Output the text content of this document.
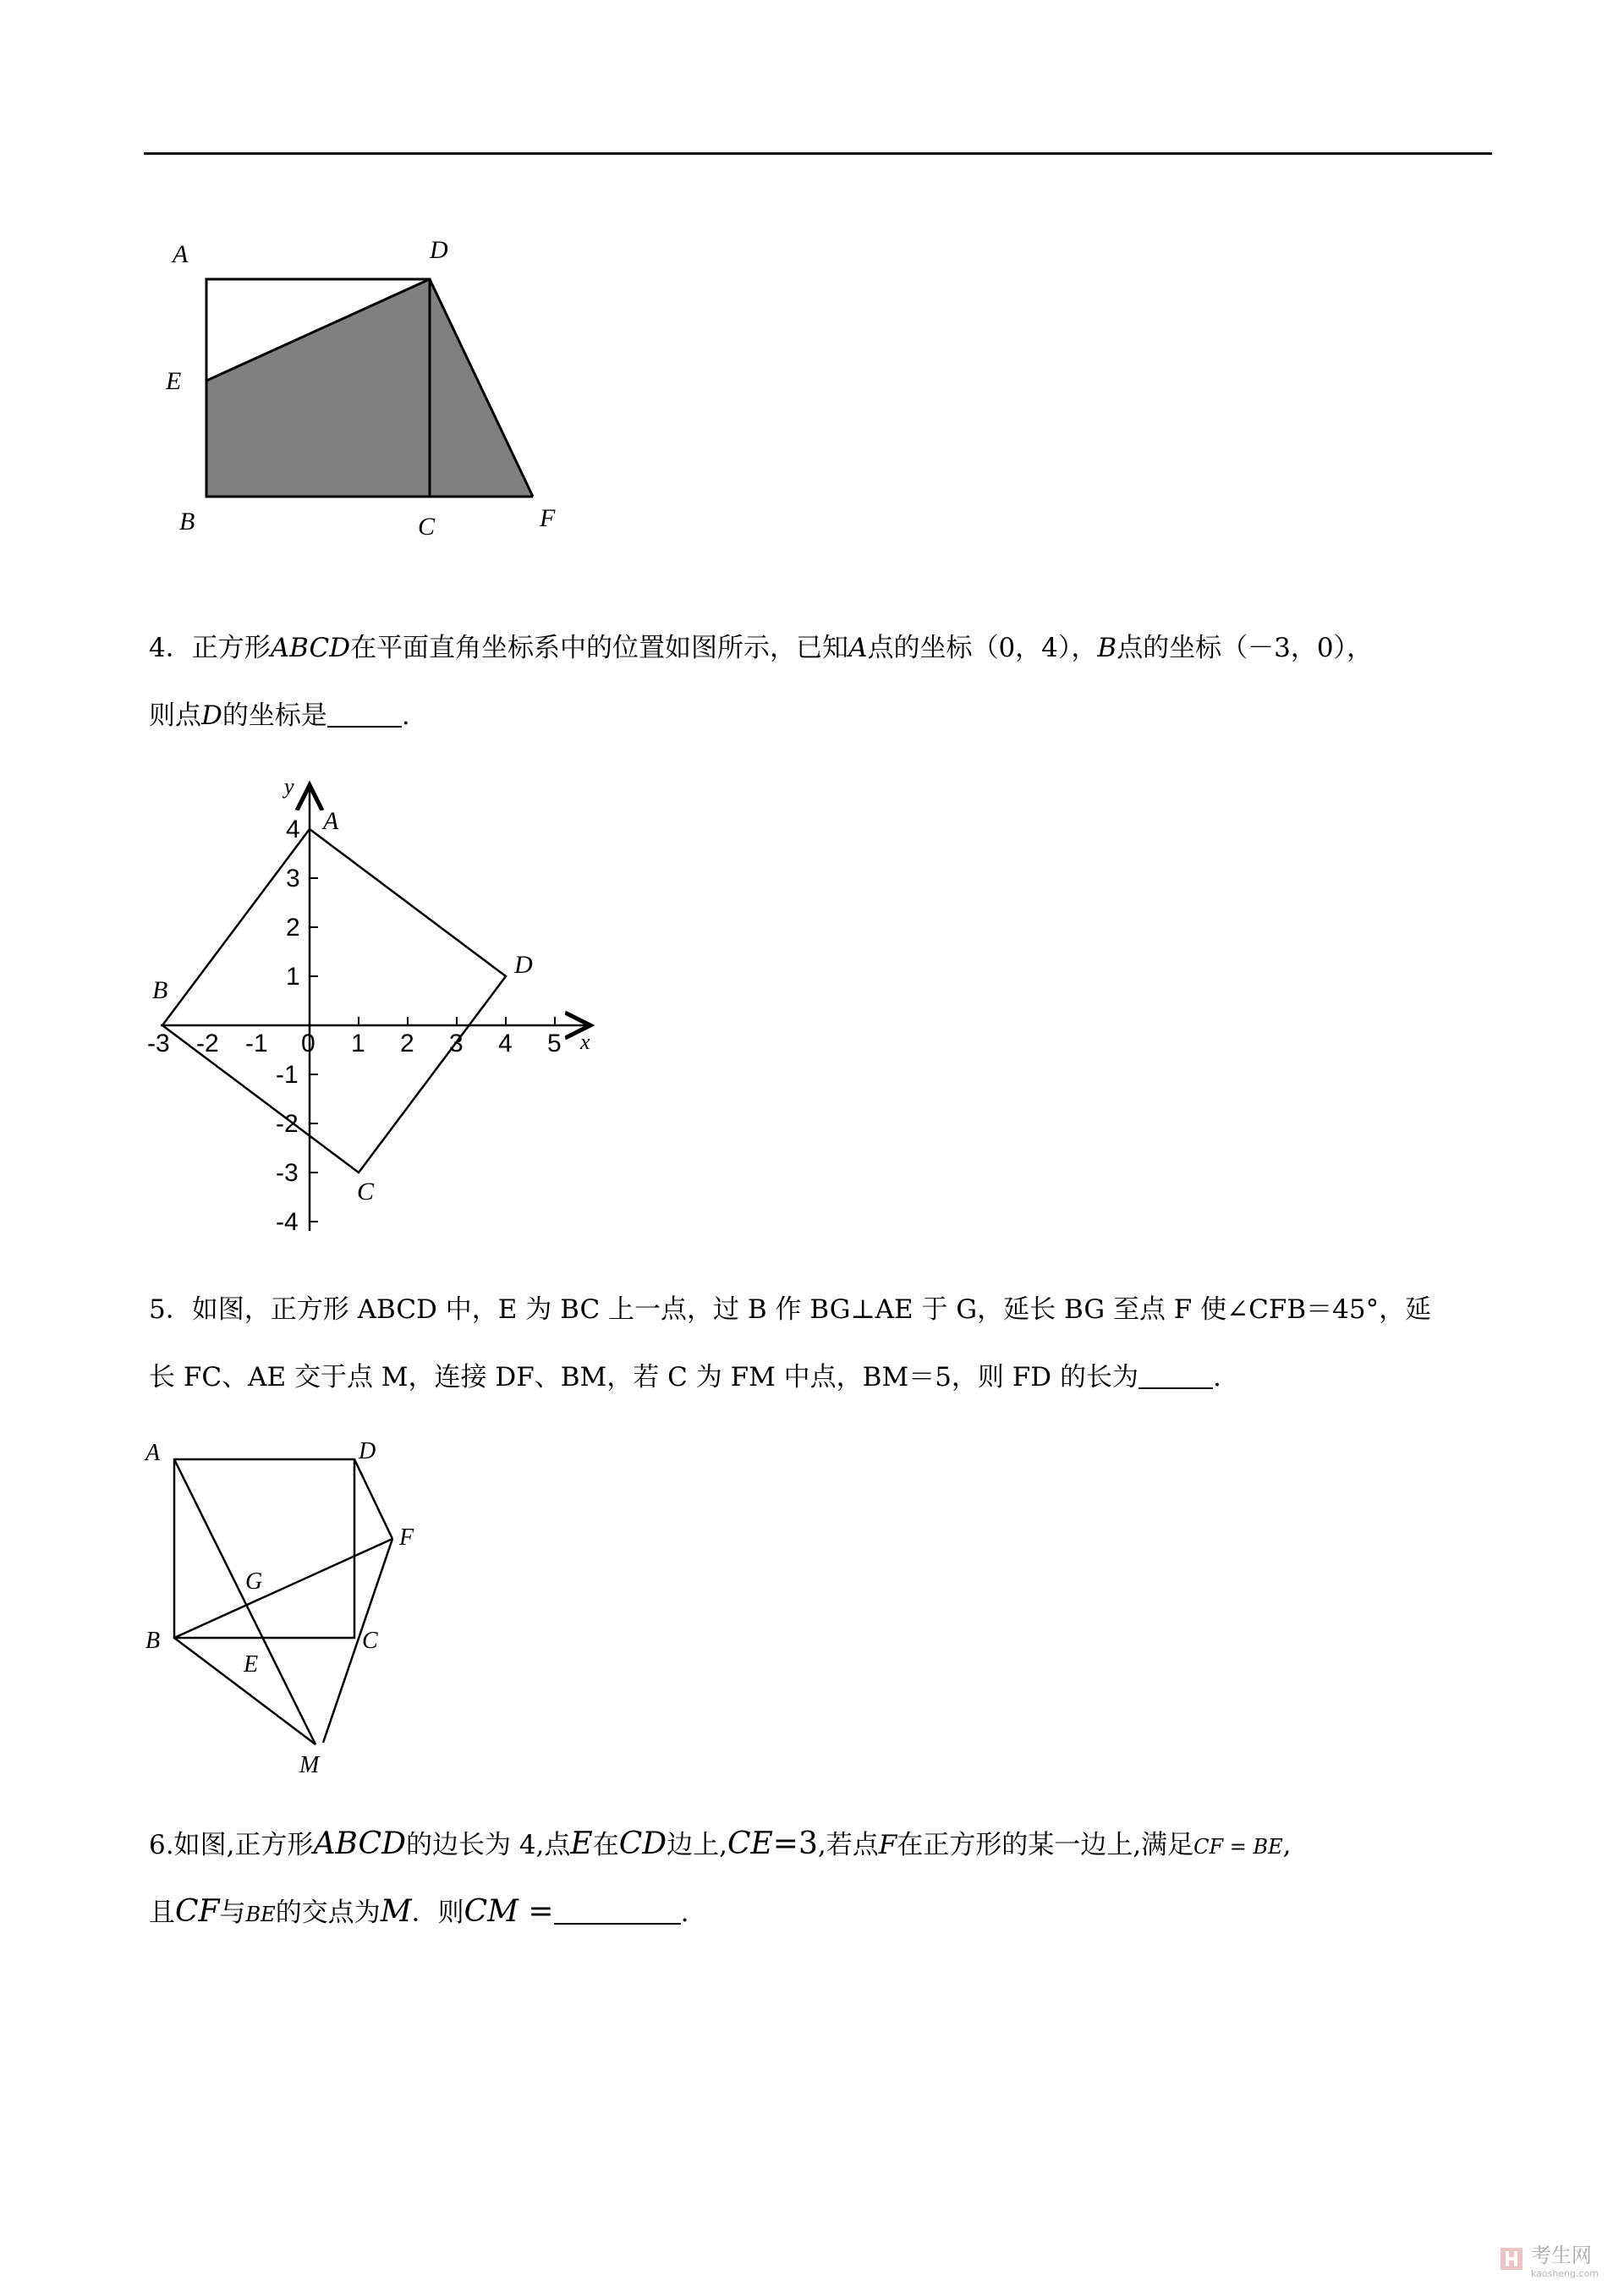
A	D
E
B	C	F
4．正方形ABCD在平面直角坐标系中的位置如图所示，已知A点的坐标（0，4），B点的坐标（－3，0），
则点D的坐标是	.
y
x
-3 -2 -1 0 1 2 3 4 5
4
3
2
1
-1
-2
-3
-4
A
B
C
D
5．如图，正方形 ABCD 中，E 为 BC 上一点，过 B 作 BG⊥AE 于 G，延长 BG 至点 F 使∠CFB＝45°，延
长 FC、AE 交于点 M，连接 DF、BM，若 C 为 FM 中点，BM＝5，则 FD 的长为	.
A	D
F
G
B	C
E
M
6.如图,正方形ABCD的边长为 4,点E在CD边上,CE=3,若点F在正方形的某一边上,满足CF = BE,
且CF与BE的交点为M．则CM =	.
考生网
kaosheng.com
